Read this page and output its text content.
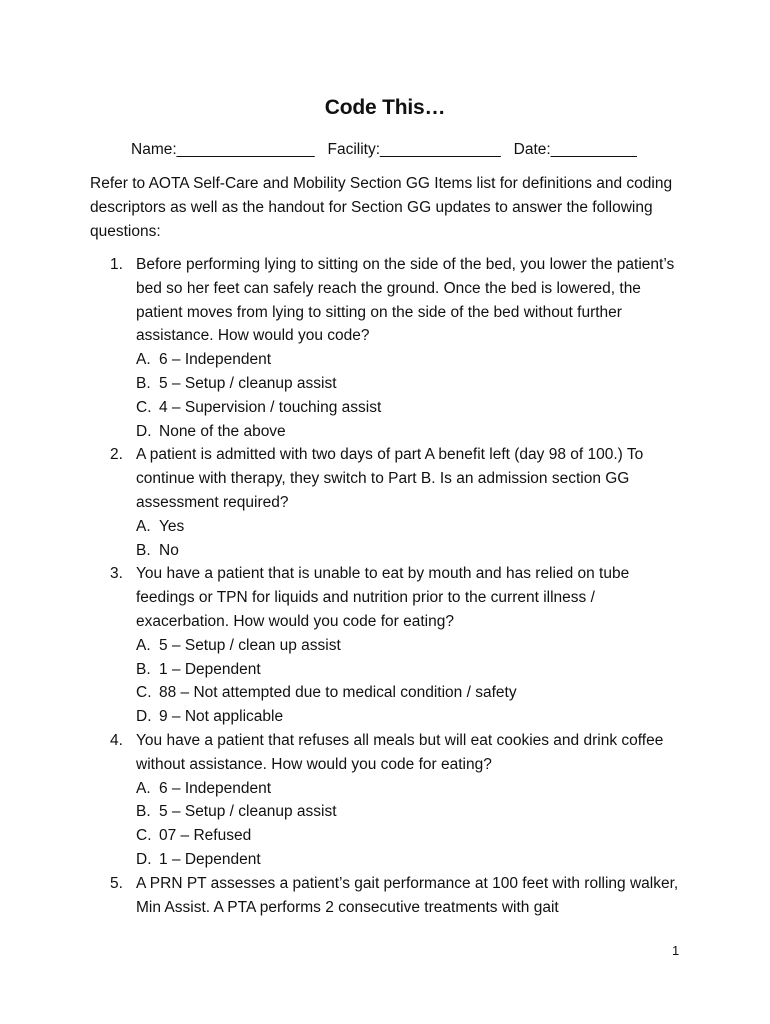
Code This…
Name:________________ Facility:______________ Date:__________
Refer to AOTA Self-Care and Mobility Section GG Items list for definitions and coding descriptors as well as the handout for Section GG updates to answer the following questions:
1. Before performing lying to sitting on the side of the bed, you lower the patient’s bed so her feet can safely reach the ground. Once the bed is lowered, the patient moves from lying to sitting on the side of the bed without further assistance. How would you code?
A. 6 – Independent
B. 5 – Setup / cleanup assist
C. 4 – Supervision / touching assist
D. None of the above
2. A patient is admitted with two days of part A benefit left (day 98 of 100.) To continue with therapy, they switch to Part B. Is an admission section GG assessment required?
A. Yes
B. No
3. You have a patient that is unable to eat by mouth and has relied on tube feedings or TPN for liquids and nutrition prior to the current illness / exacerbation. How would you code for eating?
A. 5 – Setup / clean up assist
B. 1 – Dependent
C. 88 – Not attempted due to medical condition / safety
D. 9 – Not applicable
4. You have a patient that refuses all meals but will eat cookies and drink coffee without assistance. How would you code for eating?
A. 6 – Independent
B. 5 – Setup / cleanup assist
C. 07 – Refused
D. 1 – Dependent
5. A PRN PT assesses a patient’s gait performance at 100 feet with rolling walker, Min Assist. A PTA performs 2 consecutive treatments with gait
1
